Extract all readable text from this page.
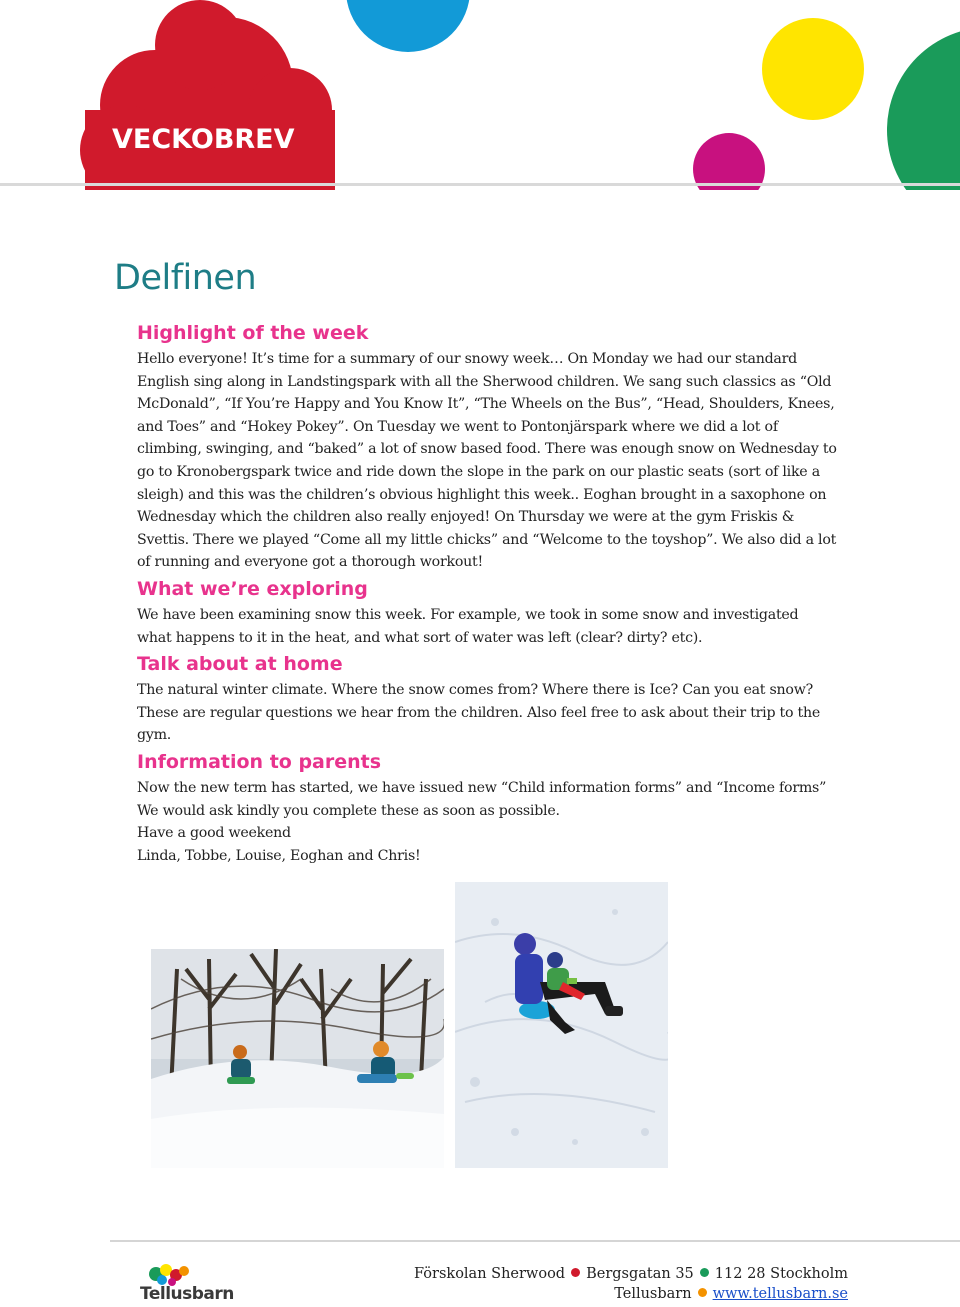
VECKOBREV
Delfinen
Highlight of the week

Hello everyone! It’s time for a summary of our snowy week… On Monday we had our standard English sing along in Landstingspark with all the Sherwood children. We sang such classics as “Old McDonald”, “If You’re Happy and You Know It”, “The Wheels on the Bus”, “Head, Shoulders, Knees, and Toes” and “Hokey Pokey”. On Tuesday we went to Pontonjärspark where we did a lot of climbing, swinging, and “baked” a lot of snow based food. There was enough snow on Wednesday to go to Kronobergspark twice and ride down the slope in the park on our plastic seats (sort of like a sleigh) and this was the children’s obvious highlight this week.. Eoghan brought in a saxophone on Wednesday which the children also really enjoyed! On Thursday we were at the gym Friskis & Svettis. There we played “Come all my little chicks” and “Welcome to the toyshop”. We also did a lot of running and everyone got a thorough workout!

What we’re exploring

We have been examining snow this week. For example, we took in some snow and investigated what happens to it in the heat, and what sort of water was left (clear? dirty? etc).

Talk about at home

The natural winter climate. Where the snow comes from? Where there is Ice? Can you eat snow? These are regular questions we hear from the children. Also feel free to ask about their trip to the gym.

Information to parents

Now the new term has started, we have issued new “Child information forms” and “Income forms” We would ask kindly you complete these as soon as possible.

Have a good weekend

Linda, Tobbe, Louise, Eoghan and Chris!

Tellusbarn
Förskolan Sherwood Bergsgatan 35 112 28 Stockholm
Tellusbarn www.tellusbarn.se
